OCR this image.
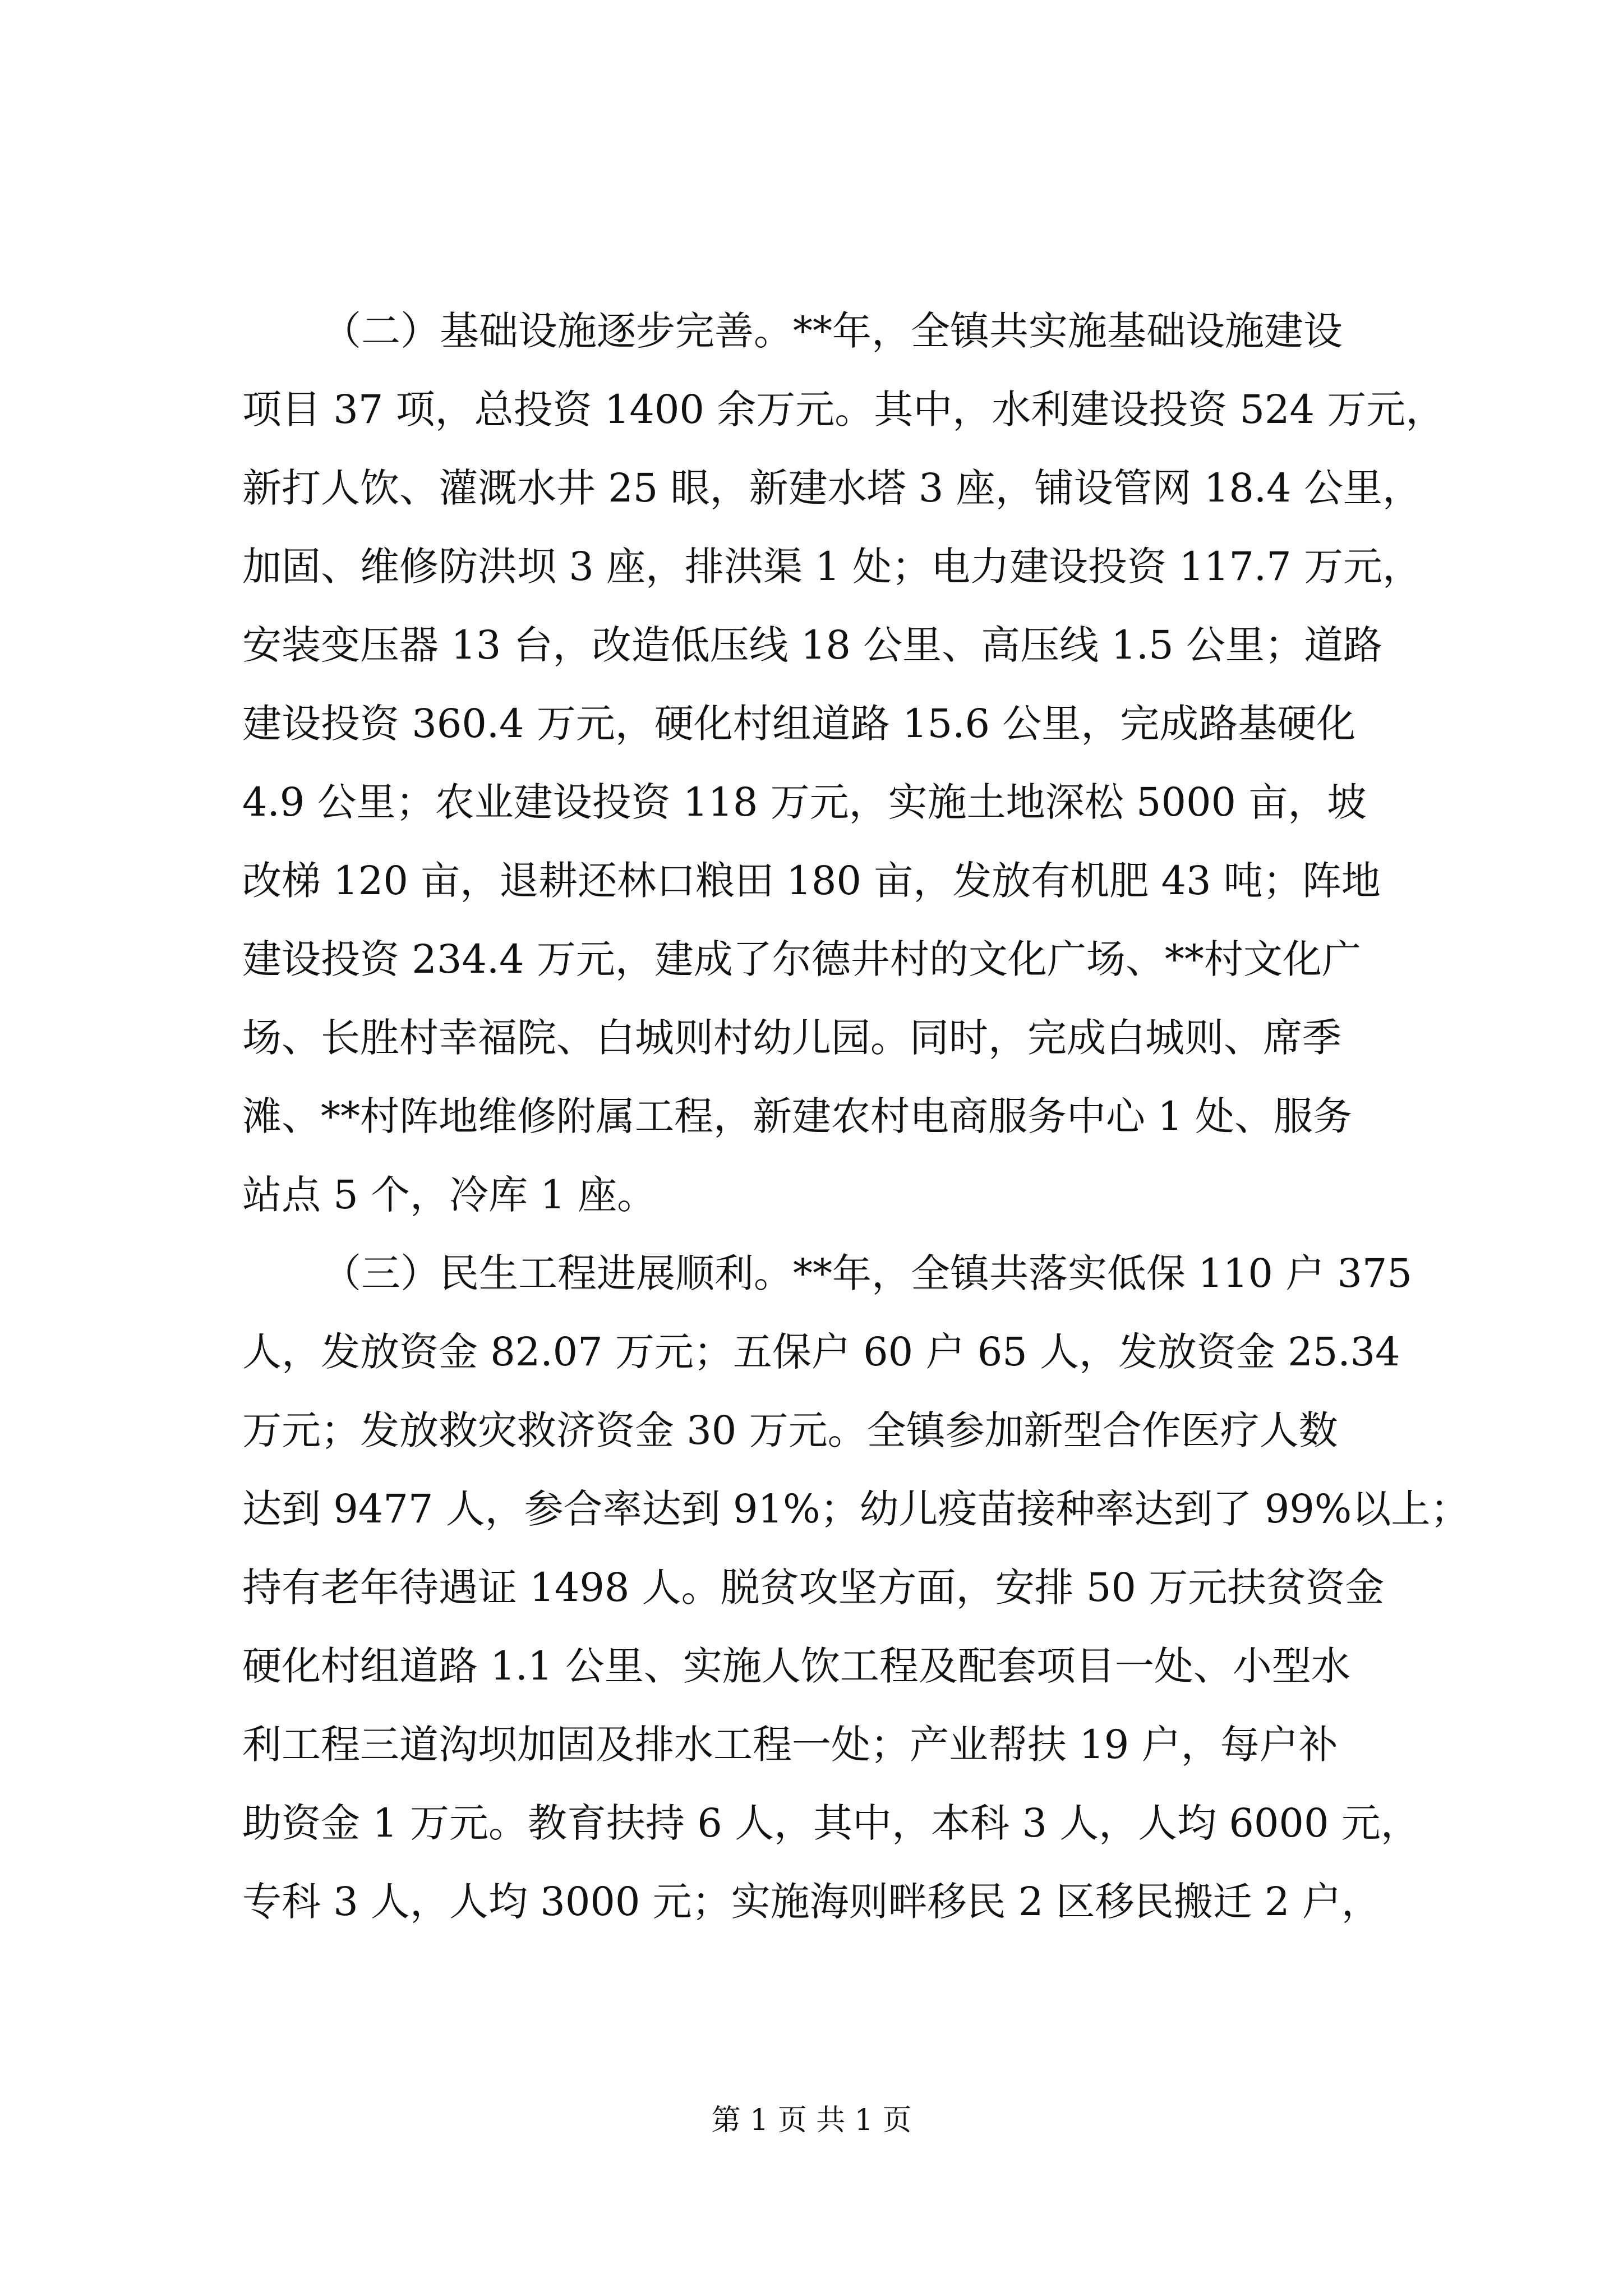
（二）基础设施逐步完善。**年，全镇共实施基础设施建设
项目 37 项，总投资 1400 余万元。其中，水利建设投资 524 万元，
新打人饮、灌溉水井 25 眼，新建水塔 3 座，铺设管网 18.4 公里，
加固、维修防洪坝 3 座，排洪渠 1 处；电力建设投资 117.7 万元，
安装变压器 13 台，改造低压线 18 公里、高压线 1.5 公里；道路
建设投资 360.4 万元，硬化村组道路 15.6 公里，完成路基硬化
4.9 公里；农业建设投资 118 万元，实施土地深松 5000 亩，坡
改梯 120 亩，退耕还林口粮田 180 亩，发放有机肥 43 吨；阵地
建设投资 234.4 万元，建成了尔德井村的文化广场、**村文化广
场、长胜村幸福院、白城则村幼儿园。同时，完成白城则、席季
滩、**村阵地维修附属工程，新建农村电商服务中心 1 处、服务
站点 5 个，冷库 1 座。
（三）民生工程进展顺利。**年，全镇共落实低保 110 户 375
人，发放资金 82.07 万元；五保户 60 户 65 人，发放资金 25.34
万元；发放救灾救济资金 30 万元。全镇参加新型合作医疗人数
达到 9477 人，参合率达到 91%；幼儿疫苗接种率达到了 99%以上；
持有老年待遇证 1498 人。脱贫攻坚方面，安排 50 万元扶贫资金
硬化村组道路 1.1 公里、实施人饮工程及配套项目一处、小型水
利工程三道沟坝加固及排水工程一处；产业帮扶 19 户，每户补
助资金 1 万元。教育扶持 6 人，其中，本科 3 人，人均 6000 元，
专科 3 人，人均 3000 元；实施海则畔移民 2 区移民搬迁 2 户，
第 1 页 共 1 页
